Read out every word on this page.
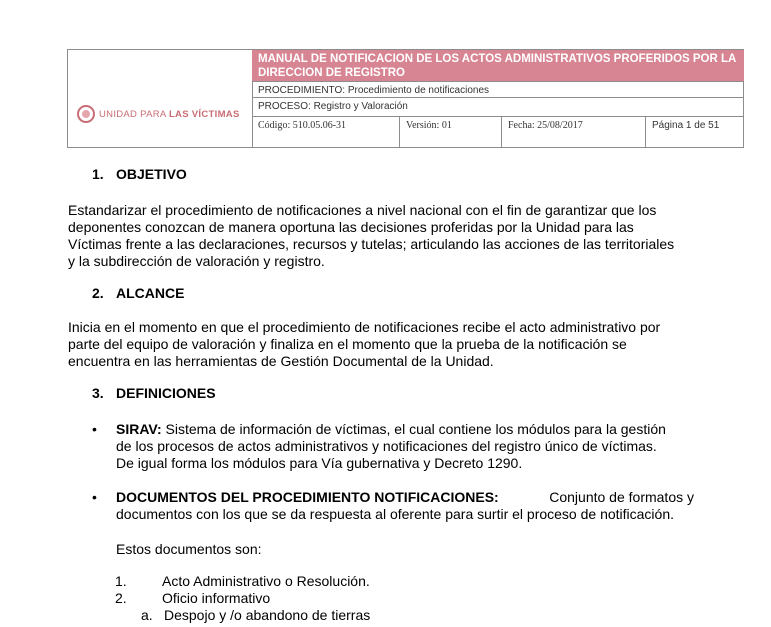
UNIDAD PARA LAS VÍCTIMAS
MANUAL DE NOTIFICACION DE LOS ACTOS ADMINISTRATIVOS PROFERIDOS POR LA DIRECCION DE REGISTRO
PROCEDIMIENTO: Procedimiento de notificaciones
PROCESO: Registro y Valoración
Código: 510.05.06-31	Versión: 01	Fecha: 25/08/2017	Página 1 de 51
1. OBJETIVO

Estandarizar el procedimiento de notificaciones a nivel nacional con el fin de garantizar que los

deponentes conozcan de manera oportuna las decisiones proferidas por la Unidad para las

Víctimas frente a las declaraciones, recursos y tutelas; articulando las acciones de las territoriales

y la subdirección de valoración y registro.

2. ALCANCE

Inicia en el momento en que el procedimiento de notificaciones recibe el acto administrativo por

parte del equipo de valoración y finaliza en el momento que la prueba de la notificación se

encuentra en las herramientas de Gestión Documental de la Unidad.

3. DEFINICIONES
• SIRAV: Sistema de información de víctimas, el cual contiene los módulos para la gestión
de los procesos de actos administrativos y notificaciones del registro único de víctimas.
De igual forma los módulos para Vía gubernativa y Decreto 1290.
• DOCUMENTOS DEL PROCEDIMIENTO NOTIFICACIONES:	Conjunto de formatos y
documentos con los que se da respuesta al oferente para surtir el proceso de notificación.
Estos documentos son:
1.	Acto Administrativo o Resolución.
2.	Oficio informativo
a. Despojo y /o abandono de tierras
